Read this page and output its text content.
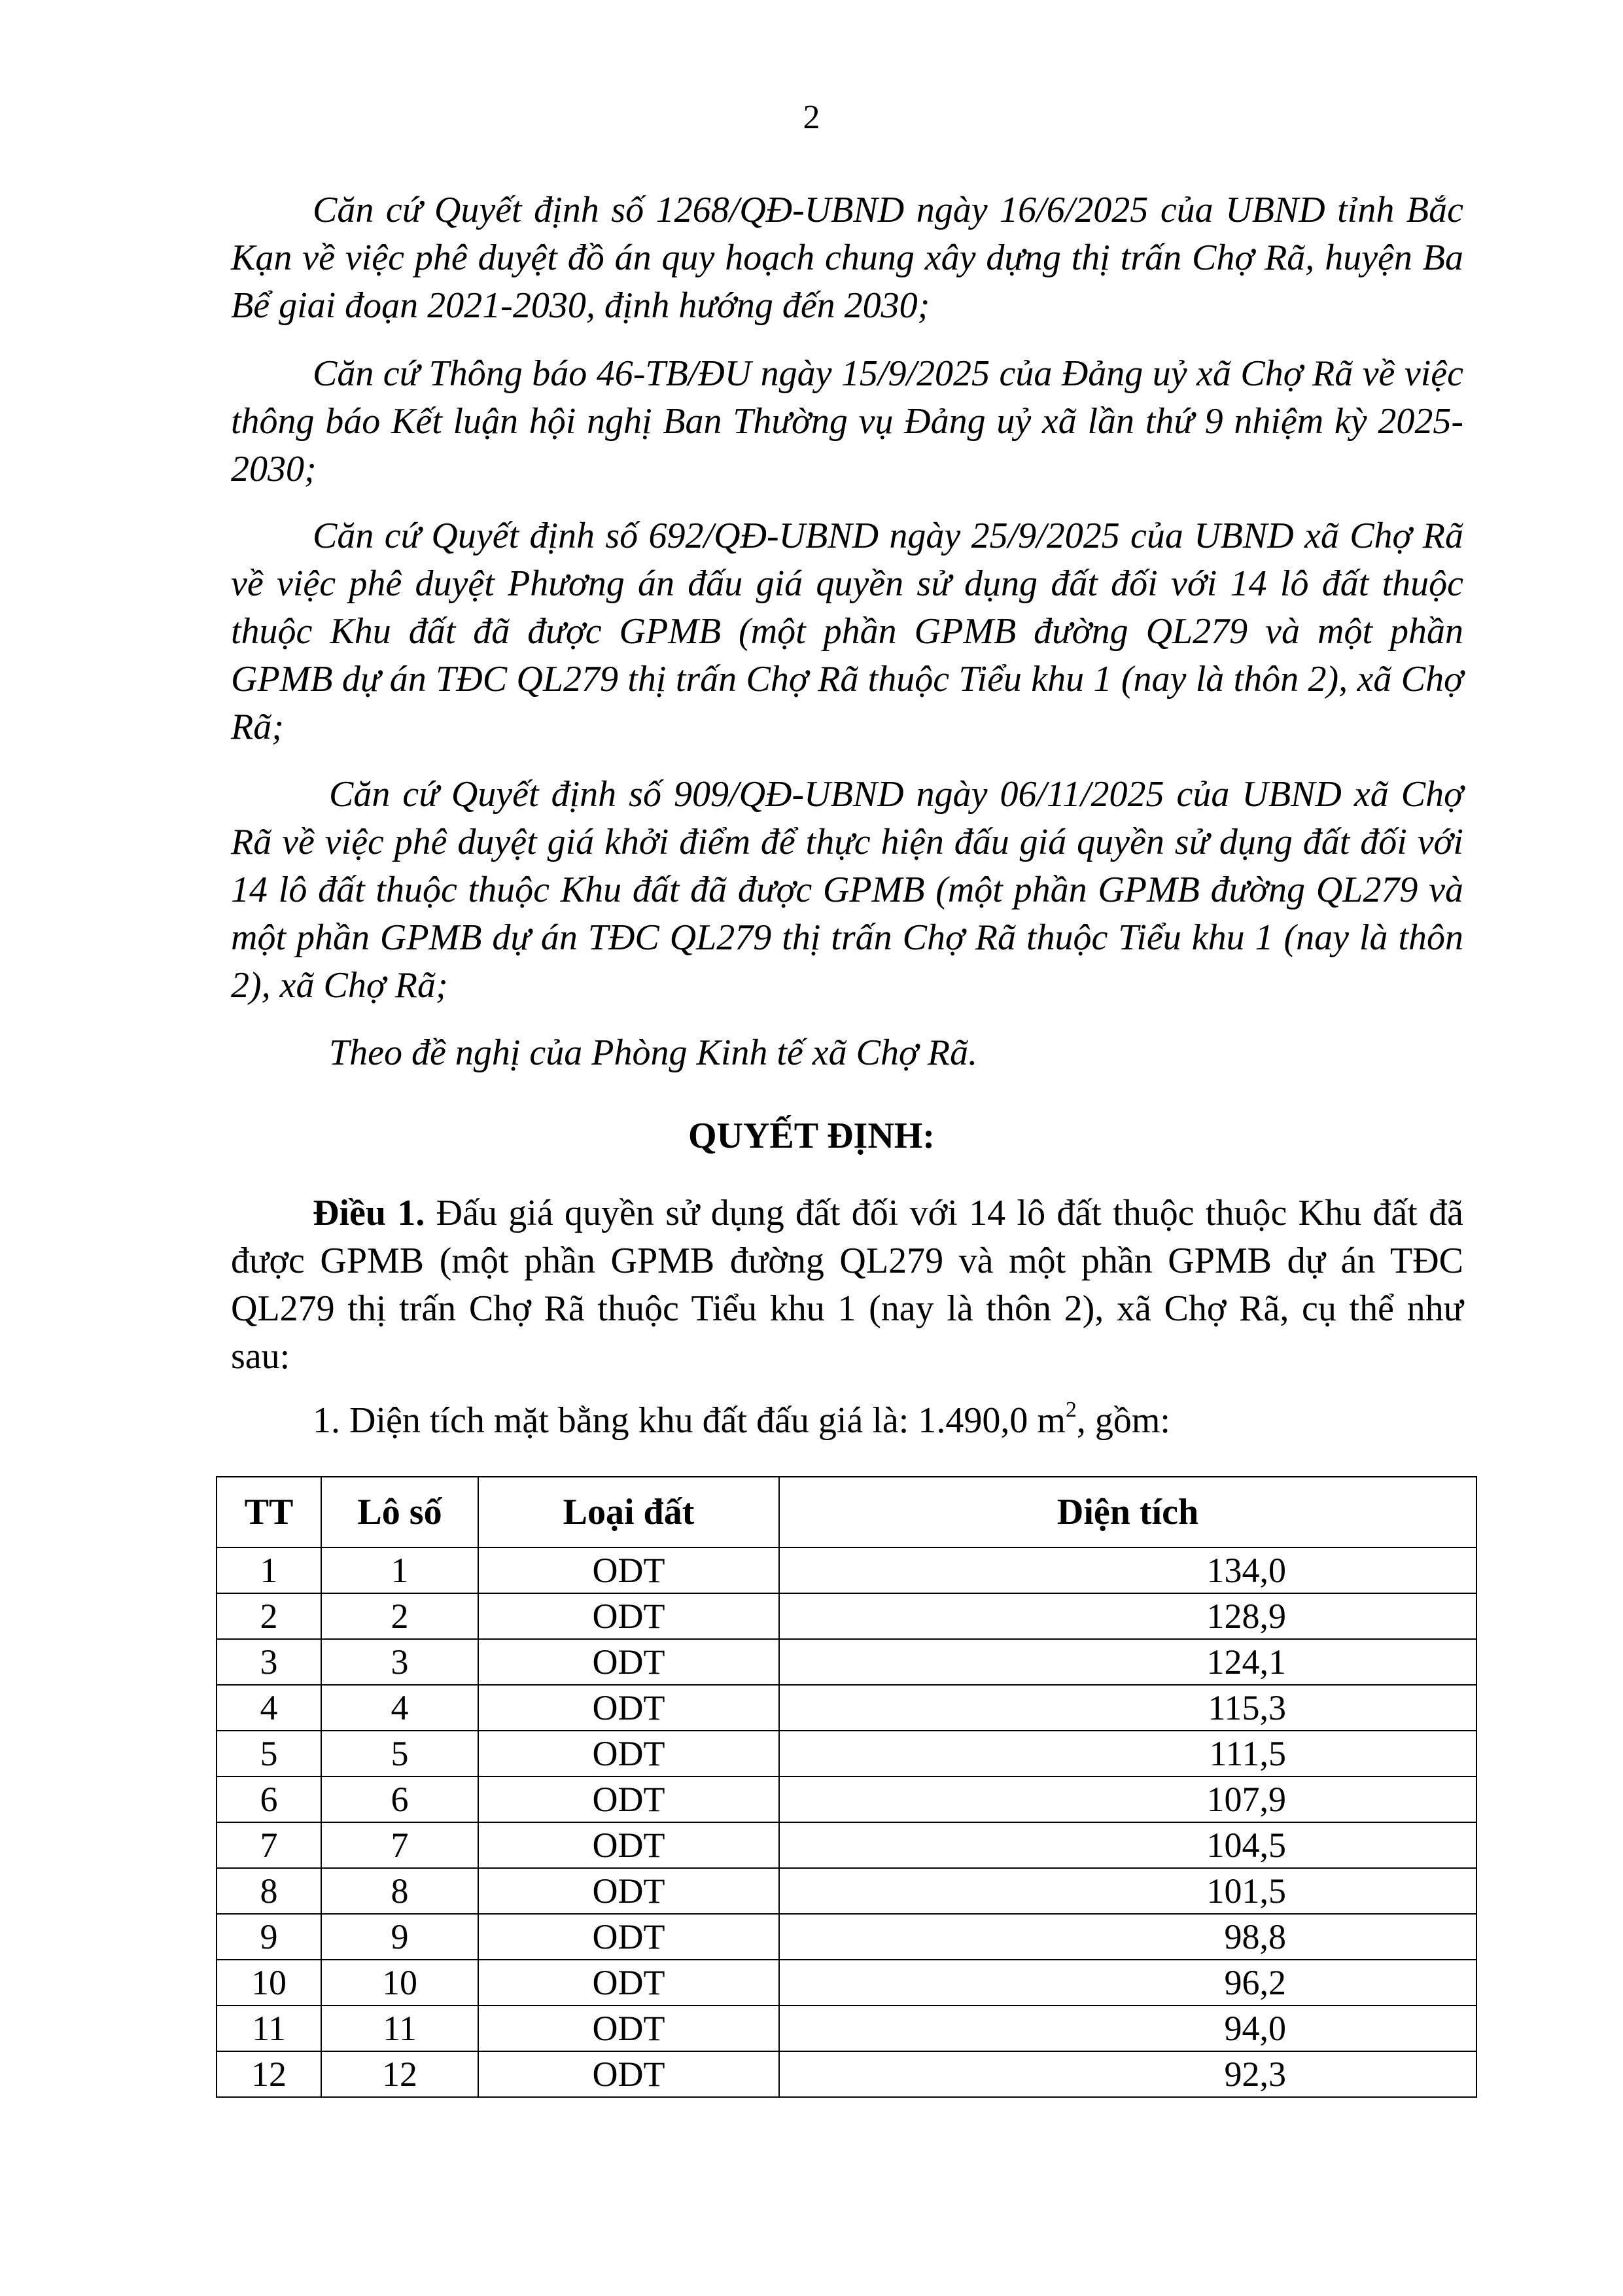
2
Căn cứ Quyết định số 1268/QĐ-UBND ngày 16/6/2025 của UBND tỉnh Bắc Kạn về việc phê duyệt đồ án quy hoạch chung xây dựng thị trấn Chợ Rã, huyện Ba Bể giai đoạn 2021-2030, định hướng đến 2030;
Căn cứ Thông báo 46-TB/ĐU ngày 15/9/2025 của Đảng uỷ xã Chợ Rã về việc thông báo Kết luận hội nghị Ban Thường vụ Đảng uỷ xã lần thứ 9 nhiệm kỳ 2025-2030;
Căn cứ Quyết định số 692/QĐ-UBND ngày 25/9/2025 của UBND xã Chợ Rã về việc phê duyệt Phương án đấu giá quyền sử dụng đất đối với 14 lô đất thuộc thuộc Khu đất đã được GPMB (một phần GPMB đường QL279 và một phần GPMB dự án TĐC QL279 thị trấn Chợ Rã thuộc Tiểu khu 1 (nay là thôn 2), xã Chợ Rã;
Căn cứ Quyết định số 909/QĐ-UBND ngày 06/11/2025 của UBND xã Chợ Rã về việc phê duyệt giá khởi điểm để thực hiện đấu giá quyền sử dụng đất đối với 14 lô đất thuộc thuộc Khu đất đã được GPMB (một phần GPMB đường QL279 và một phần GPMB dự án TĐC QL279 thị trấn Chợ Rã thuộc Tiểu khu 1 (nay là thôn 2), xã Chợ Rã;
Theo đề nghị của Phòng Kinh tế xã Chợ Rã.
QUYẾT ĐỊNH:
Điều 1. Đấu giá quyền sử dụng đất đối với 14 lô đất thuộc thuộc Khu đất đã được GPMB (một phần GPMB đường QL279 và một phần GPMB dự án TĐC QL279 thị trấn Chợ Rã thuộc Tiểu khu 1 (nay là thôn 2), xã Chợ Rã, cụ thể như sau:
1. Diện tích mặt bằng khu đất đấu giá là: 1.490,0 $m^2$, gồm:
TT	Lô số	Loại đất	Diện tích
1	1	ODT	134,0
2	2	ODT	128,9
3	3	ODT	124,1
4	4	ODT	115,3
5	5	ODT	111,5
6	6	ODT	107,9
7	7	ODT	104,5
8	8	ODT	101,5
9	9	ODT	98,8
10	10	ODT	96,2
11	11	ODT	94,0
12	12	ODT	92,3
